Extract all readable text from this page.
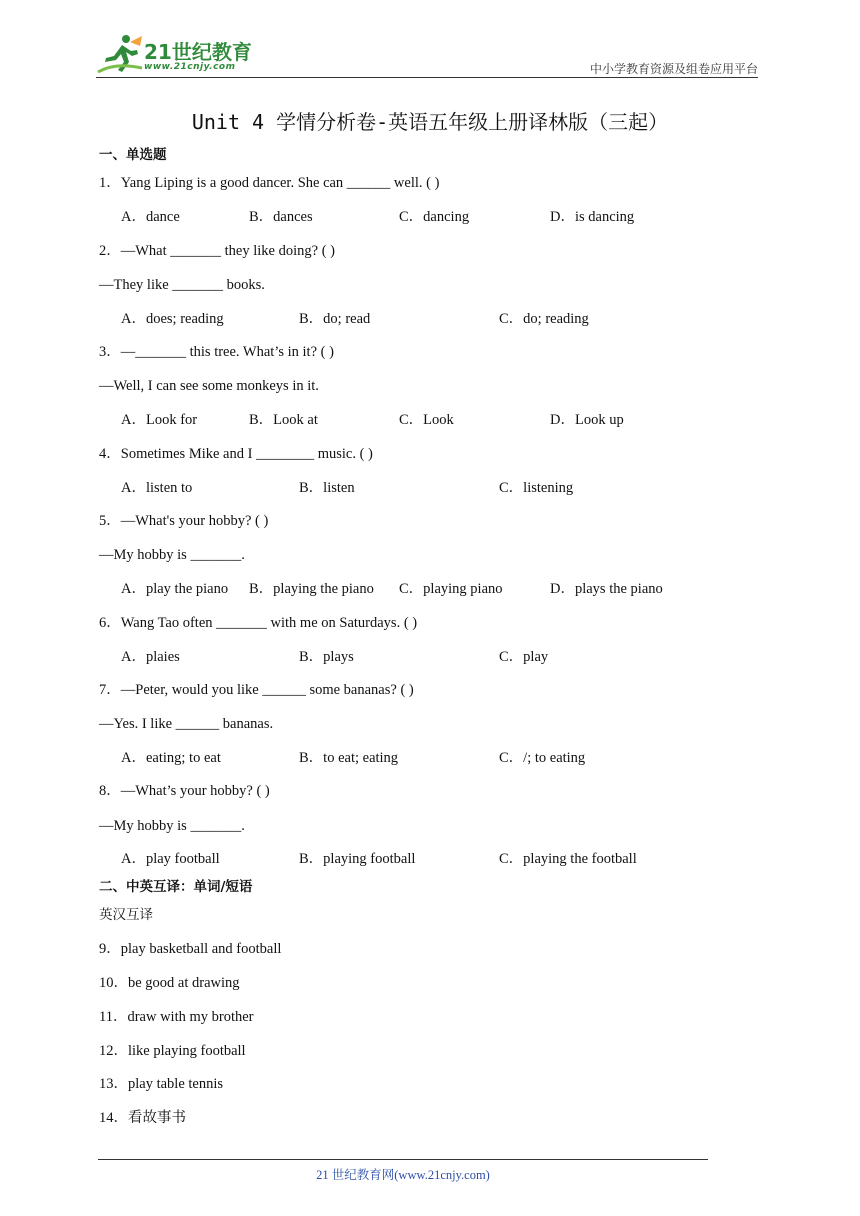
21世纪教育
www.21cnjy.com	中小学教育资源及组卷应用平台
Unit 4 学情分析卷-英语五年级上册译林版（三起）
一、单选题
1．Yang Liping is a good dancer. She can ______ well. ( )
A．dance	B．dances	C．dancing	D．is dancing
2．—What _______ they like doing? ( )
—They like _______ books.
A．does; reading	B．do; read	C．do; reading
3．—_______ this tree. What’s in it? ( )
—Well, I can see some monkeys in it.
A．Look for	B．Look at	C．Look	D．Look up
4．Sometimes Mike and I ________ music. ( )
A．listen to	B．listen	C．listening
5．—What's your hobby? ( )
—My hobby is _______.
A．play the piano B．playing the piano C．playing piano	D．plays the piano
6．Wang Tao often _______ with me on Saturdays. ( )
A．plaies	B．plays	C．play
7．—Peter, would you like ______ some bananas? ( )
—Yes. I like ______ bananas.
A．eating; to eat	B．to eat; eating	C．/; to eating
8．—What’s your hobby? ( )
—My hobby is _______.
A．play football	B．playing football	C．playing the football
二、中英互译：单词/短语
英汉互译
9．play basketball and football
10．be good at drawing
11．draw with my brother
12．like playing football
13．play table tennis
14．看故事书
21 世纪教育网(www.21cnjy.com)
